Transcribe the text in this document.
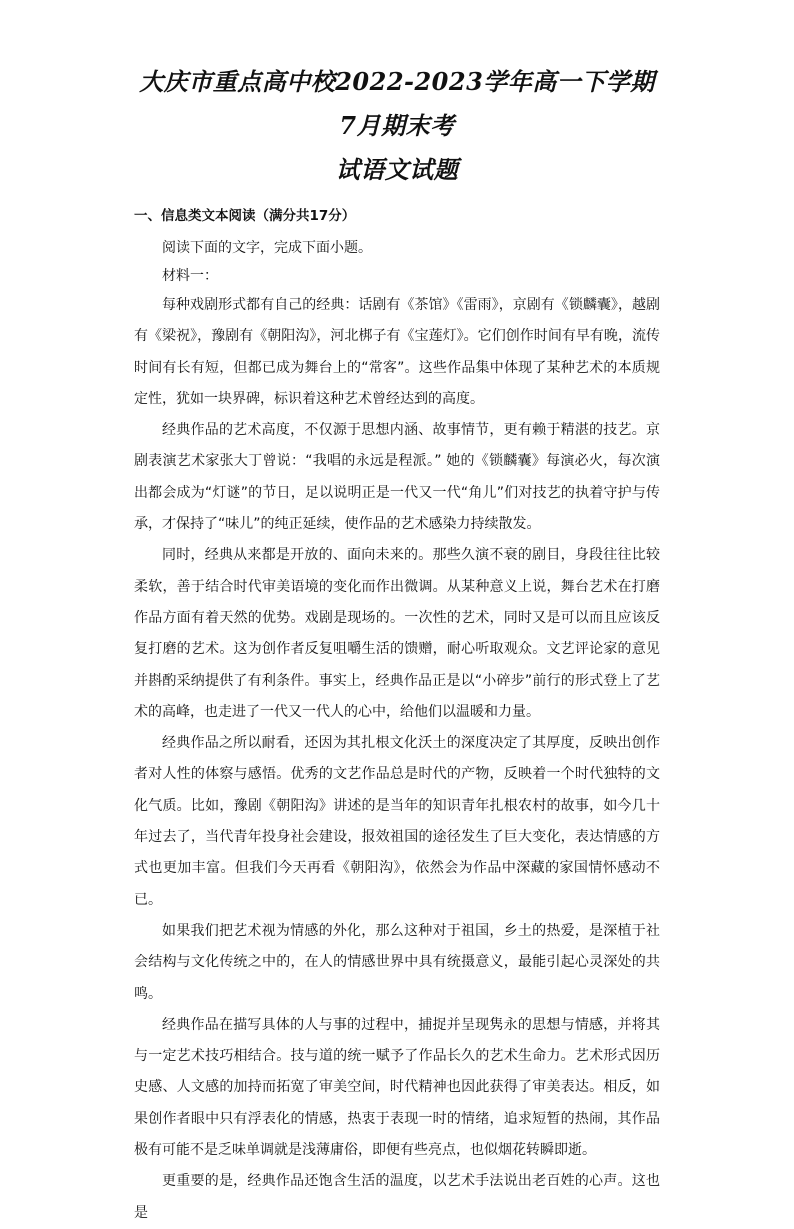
大庆市重点高中校2022-2023学年高一下学期7月期末考
试语文试题
一、信息类文本阅读（满分共17分）

阅读下面的文字，完成下面小题。

材料一：

每种戏剧形式都有自己的经典：话剧有《茶馆》《雷雨》，京剧有《锁麟囊》，越剧有《梁祝》，豫剧有《朝阳沟》，河北梆子有《宝莲灯》。它们创作时间有早有晚，流传时间有长有短，但都已成为舞台上的“常客”。这些作品集中体现了某种艺术的本质规定性，犹如一块界碑，标识着这种艺术曾经达到的高度。

经典作品的艺术高度，不仅源于思想内涵、故事情节，更有赖于精湛的技艺。京剧表演艺术家张大丁曾说：“我唱的永远是程派。” 她的《锁麟囊》每演必火，每次演出都会成为“灯谜”的节日，足以说明正是一代又一代“角儿”们对技艺的执着守护与传承，才保持了“味儿”的纯正延续，使作品的艺术感染力持续散发。

同时，经典从来都是开放的、面向未来的。那些久演不衰的剧目，身段往往比较柔软，善于结合时代审美语境的变化而作出微调。从某种意义上说，舞台艺术在打磨作品方面有着天然的优势。戏剧是现场的。一次性的艺术，同时又是可以而且应该反复打磨的艺术。这为创作者反复咀嚼生活的馈赠，耐心听取观众。文艺评论家的意见并斟酌采纳提供了有利条件。事实上，经典作品正是以“小碎步”前行的形式登上了艺术的高峰，也走进了一代又一代人的心中，给他们以温暖和力量。

经典作品之所以耐看，还因为其扎根文化沃土的深度决定了其厚度，反映出创作者对人性的体察与感悟。优秀的文艺作品总是时代的产物，反映着一个时代独特的文化气质。比如，豫剧《朝阳沟》讲述的是当年的知识青年扎根农村的故事，如今几十年过去了，当代青年投身社会建设，报效祖国的途径发生了巨大变化，表达情感的方式也更加丰富。但我们今天再看《朝阳沟》，依然会为作品中深藏的家国情怀感动不已。

如果我们把艺术视为情感的外化，那么这种对于祖国，乡土的热爱，是深植于社会结构与文化传统之中的，在人的情感世界中具有统摄意义，最能引起心灵深处的共鸣。

经典作品在描写具体的人与事的过程中，捕捉并呈现隽永的思想与情感，并将其与一定艺术技巧相结合。技与道的统一赋予了作品长久的艺术生命力。艺术形式因历史感、人文感的加持而拓宽了审美空间，时代精神也因此获得了审美表达。相反，如果创作者眼中只有浮表化的情感，热衷于表现一时的情绪，追求短暂的热闹，其作品极有可能不是乏味单调就是浅薄庸俗，即便有些亮点，也似烟花转瞬即逝。

更重要的是，经典作品还饱含生活的温度，以艺术手法说出老百姓的心声。这也是
